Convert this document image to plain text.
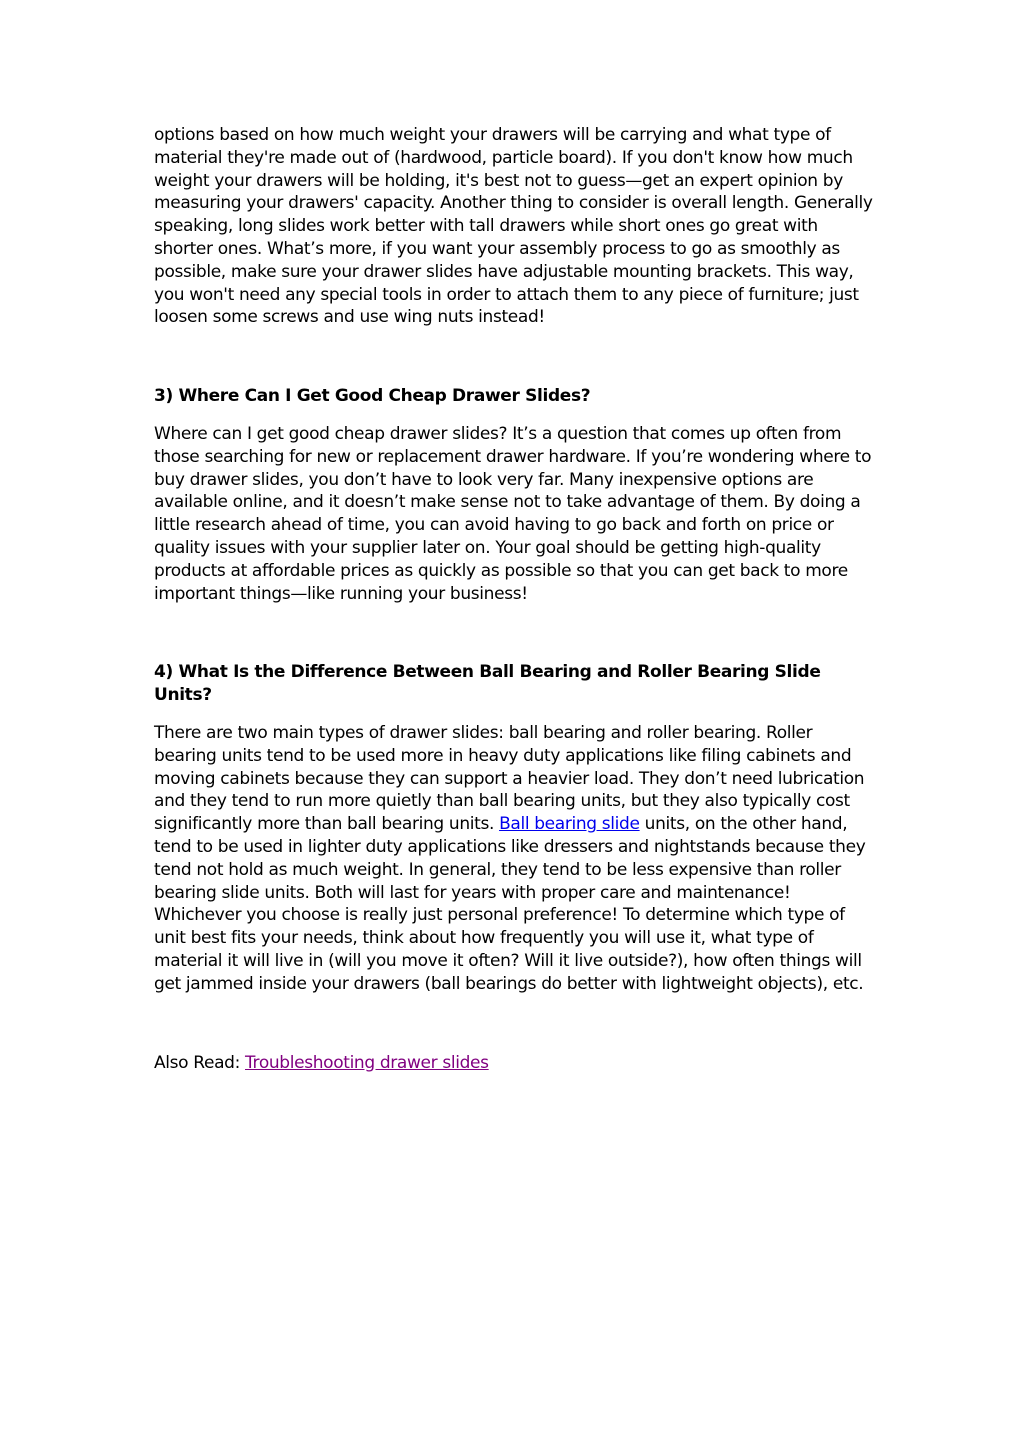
options based on how much weight your drawers will be carrying and what type of material they're made out of (hardwood, particle board). If you don't know how much weight your drawers will be holding, it's best not to guess—get an expert opinion by measuring your drawers' capacity. Another thing to consider is overall length. Generally speaking, long slides work better with tall drawers while short ones go great with shorter ones. What’s more, if you want your assembly process to go as smoothly as possible, make sure your drawer slides have adjustable mounting brackets. This way, you won't need any special tools in order to attach them to any piece of furniture; just loosen some screws and use wing nuts instead!

3) Where Can I Get Good Cheap Drawer Slides?

Where can I get good cheap drawer slides? It’s a question that comes up often from those searching for new or replacement drawer hardware. If you’re wondering where to buy drawer slides, you don’t have to look very far. Many inexpensive options are available online, and it doesn’t make sense not to take advantage of them. By doing a little research ahead of time, you can avoid having to go back and forth on price or quality issues with your supplier later on. Your goal should be getting high-quality products at affordable prices as quickly as possible so that you can get back to more important things—like running your business!

4) What Is the Difference Between Ball Bearing and Roller Bearing Slide Units?

There are two main types of drawer slides: ball bearing and roller bearing. Roller bearing units tend to be used more in heavy duty applications like filing cabinets and moving cabinets because they can support a heavier load. They don’t need lubrication and they tend to run more quietly than ball bearing units, but they also typically cost significantly more than ball bearing units. Ball bearing slide units, on the other hand, tend to be used in lighter duty applications like dressers and nightstands because they tend not hold as much weight. In general, they tend to be less expensive than roller bearing slide units. Both will last for years with proper care and maintenance! Whichever you choose is really just personal preference! To determine which type of unit best fits your needs, think about how frequently you will use it, what type of material it will live in (will you move it often? Will it live outside?), how often things will get jammed inside your drawers (ball bearings do better with lightweight objects), etc.

Also Read: Troubleshooting drawer slides
